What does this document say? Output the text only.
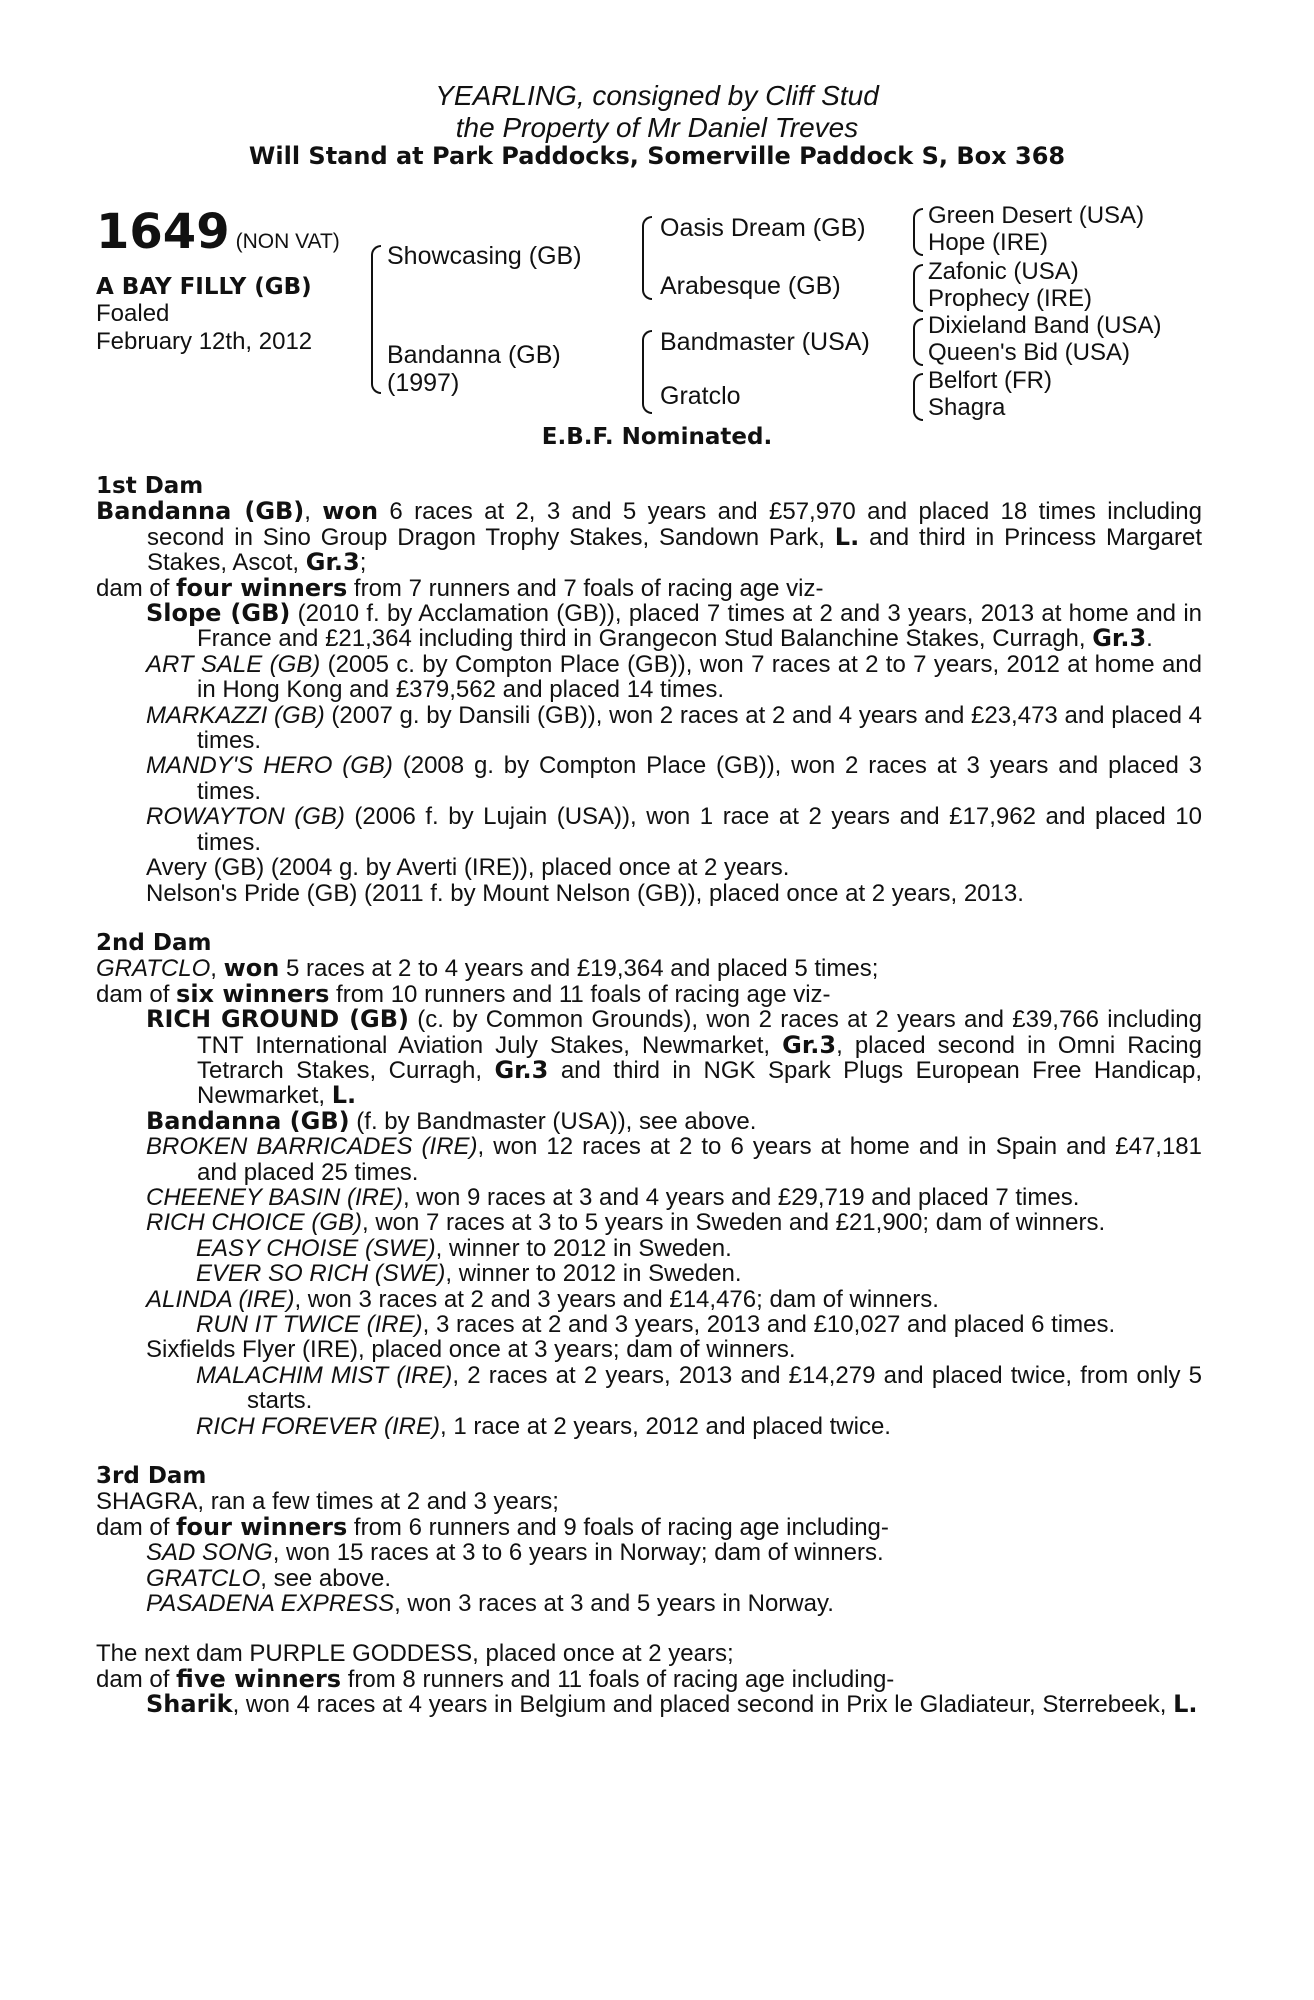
YEARLING, consigned by Cliff Stud
the Property of Mr Daniel Treves
Will Stand at Park Paddocks, Somerville Paddock S, Box 368
1649 (NON VAT)
A BAY FILLY (GB)
Foaled
February 12th, 2012
Showcasing (GB)
Bandanna (GB)
(1997)
Oasis Dream (GB)
Arabesque (GB)
Bandmaster (USA)
Gratclo
Green Desert (USA)
Hope (IRE)
Zafonic (USA)
Prophecy (IRE)
Dixieland Band (USA)
Queen's Bid (USA)
Belfort (FR)
Shagra
E.B.F. Nominated.
1st Dam

Bandanna (GB), won 6 races at 2, 3 and 5 years and £57,970 and placed 18 times including second in Sino Group Dragon Trophy Stakes, Sandown Park, L. and third in Princess Margaret Stakes, Ascot, Gr.3;

dam of four winners from 7 runners and 7 foals of racing age viz-

Slope (GB) (2010 f. by Acclamation (GB)), placed 7 times at 2 and 3 years, 2013 at home and in France and £21,364 including third in Grangecon Stud Balanchine Stakes, Curragh, Gr.3.

ART SALE (GB) (2005 c. by Compton Place (GB)), won 7 races at 2 to 7 years, 2012 at home and in Hong Kong and £379,562 and placed 14 times.

MARKAZZI (GB) (2007 g. by Dansili (GB)), won 2 races at 2 and 4 years and £23,473 and placed 4 times.

MANDY'S HERO (GB) (2008 g. by Compton Place (GB)), won 2 races at 3 years and placed 3 times.

ROWAYTON (GB) (2006 f. by Lujain (USA)), won 1 race at 2 years and £17,962 and placed 10 times.

Avery (GB) (2004 g. by Averti (IRE)), placed once at 2 years.

Nelson's Pride (GB) (2011 f. by Mount Nelson (GB)), placed once at 2 years, 2013.

2nd Dam

GRATCLO, won 5 races at 2 to 4 years and £19,364 and placed 5 times;

dam of six winners from 10 runners and 11 foals of racing age viz-

RICH GROUND (GB) (c. by Common Grounds), won 2 races at 2 years and £39,766 including TNT International Aviation July Stakes, Newmarket, Gr.3, placed second in Omni Racing Tetrarch Stakes, Curragh, Gr.3 and third in NGK Spark Plugs European Free Handicap, Newmarket, L.

Bandanna (GB) (f. by Bandmaster (USA)), see above.

BROKEN BARRICADES (IRE), won 12 races at 2 to 6 years at home and in Spain and £47,181 and placed 25 times.

CHEENEY BASIN (IRE), won 9 races at 3 and 4 years and £29,719 and placed 7 times.

RICH CHOICE (GB), won 7 races at 3 to 5 years in Sweden and £21,900; dam of winners.

EASY CHOISE (SWE), winner to 2012 in Sweden.

EVER SO RICH (SWE), winner to 2012 in Sweden.

ALINDA (IRE), won 3 races at 2 and 3 years and £14,476; dam of winners.

RUN IT TWICE (IRE), 3 races at 2 and 3 years, 2013 and £10,027 and placed 6 times.

Sixfields Flyer (IRE), placed once at 3 years; dam of winners.

MALACHIM MIST (IRE), 2 races at 2 years, 2013 and £14,279 and placed twice, from only 5 starts.

RICH FOREVER (IRE), 1 race at 2 years, 2012 and placed twice.

3rd Dam

SHAGRA, ran a few times at 2 and 3 years;

dam of four winners from 6 runners and 9 foals of racing age including-

SAD SONG, won 15 races at 3 to 6 years in Norway; dam of winners.

GRATCLO, see above.

PASADENA EXPRESS, won 3 races at 3 and 5 years in Norway.

The next dam PURPLE GODDESS, placed once at 2 years;

dam of five winners from 8 runners and 11 foals of racing age including-

Sharik, won 4 races at 4 years in Belgium and placed second in Prix le Gladiateur, Sterrebeek, L.
